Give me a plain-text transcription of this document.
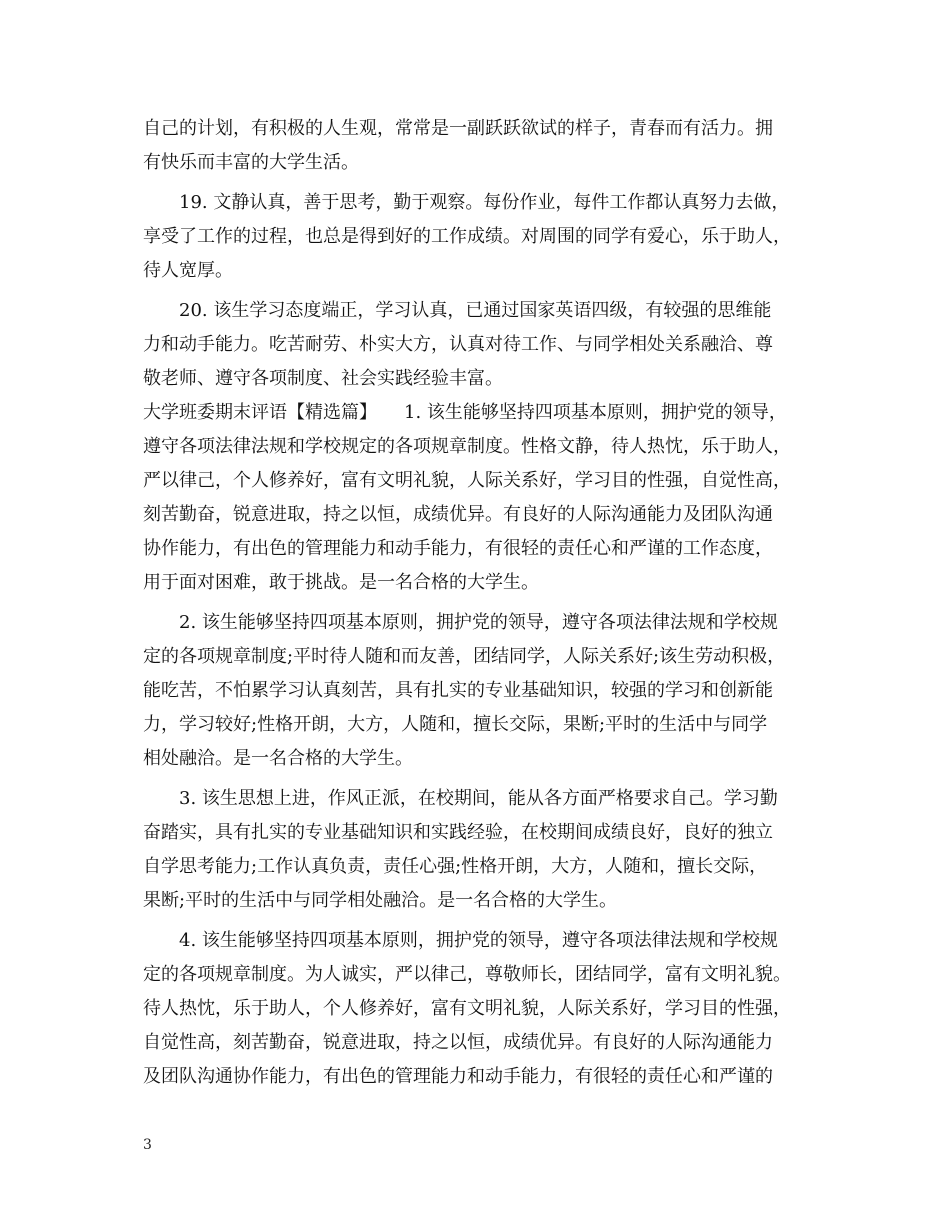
自己的计划，有积极的人生观，常常是一副跃跃欲试的样子，青春而有活力。拥
有快乐而丰富的大学生活。
　　19. 文静认真，善于思考，勤于观察。每份作业，每件工作都认真努力去做，
享受了工作的过程，也总是得到好的工作成绩。对周围的同学有爱心，乐于助人，
待人宽厚。
　　20. 该生学习态度端正，学习认真，已通过国家英语四级，有较强的思维能
力和动手能力。吃苦耐劳、朴实大方，认真对待工作、与同学相处关系融洽、尊
敬老师、遵守各项制度、社会实践经验丰富。
大学班委期末评语【精选篇】　　1. 该生能够坚持四项基本原则，拥护党的领导，
遵守各项法律法规和学校规定的各项规章制度。性格文静，待人热忱，乐于助人，
严以律己，个人修养好，富有文明礼貌，人际关系好，学习目的性强，自觉性高，
刻苦勤奋，锐意进取，持之以恒，成绩优异。有良好的人际沟通能力及团队沟通
协作能力，有出色的管理能力和动手能力，有很轻的责任心和严谨的工作态度，
用于面对困难，敢于挑战。是一名合格的大学生。
　　2. 该生能够坚持四项基本原则，拥护党的领导，遵守各项法律法规和学校规
定的各项规章制度;平时待人随和而友善，团结同学，人际关系好;该生劳动积极，
能吃苦，不怕累学习认真刻苦，具有扎实的专业基础知识，较强的学习和创新能
力，学习较好;性格开朗，大方，人随和，擅长交际，果断;平时的生活中与同学
相处融洽。是一名合格的大学生。
　　3. 该生思想上进，作风正派，在校期间，能从各方面严格要求自己。学习勤
奋踏实，具有扎实的专业基础知识和实践经验，在校期间成绩良好，良好的独立
自学思考能力;工作认真负责，责任心强;性格开朗，大方，人随和，擅长交际，
果断;平时的生活中与同学相处融洽。是一名合格的大学生。
　　4. 该生能够坚持四项基本原则，拥护党的领导，遵守各项法律法规和学校规
定的各项规章制度。为人诚实，严以律己，尊敬师长，团结同学，富有文明礼貌。
待人热忱，乐于助人，个人修养好，富有文明礼貌，人际关系好，学习目的性强，
自觉性高，刻苦勤奋，锐意进取，持之以恒，成绩优异。有良好的人际沟通能力
及团队沟通协作能力，有出色的管理能力和动手能力，有很轻的责任心和严谨的
3
